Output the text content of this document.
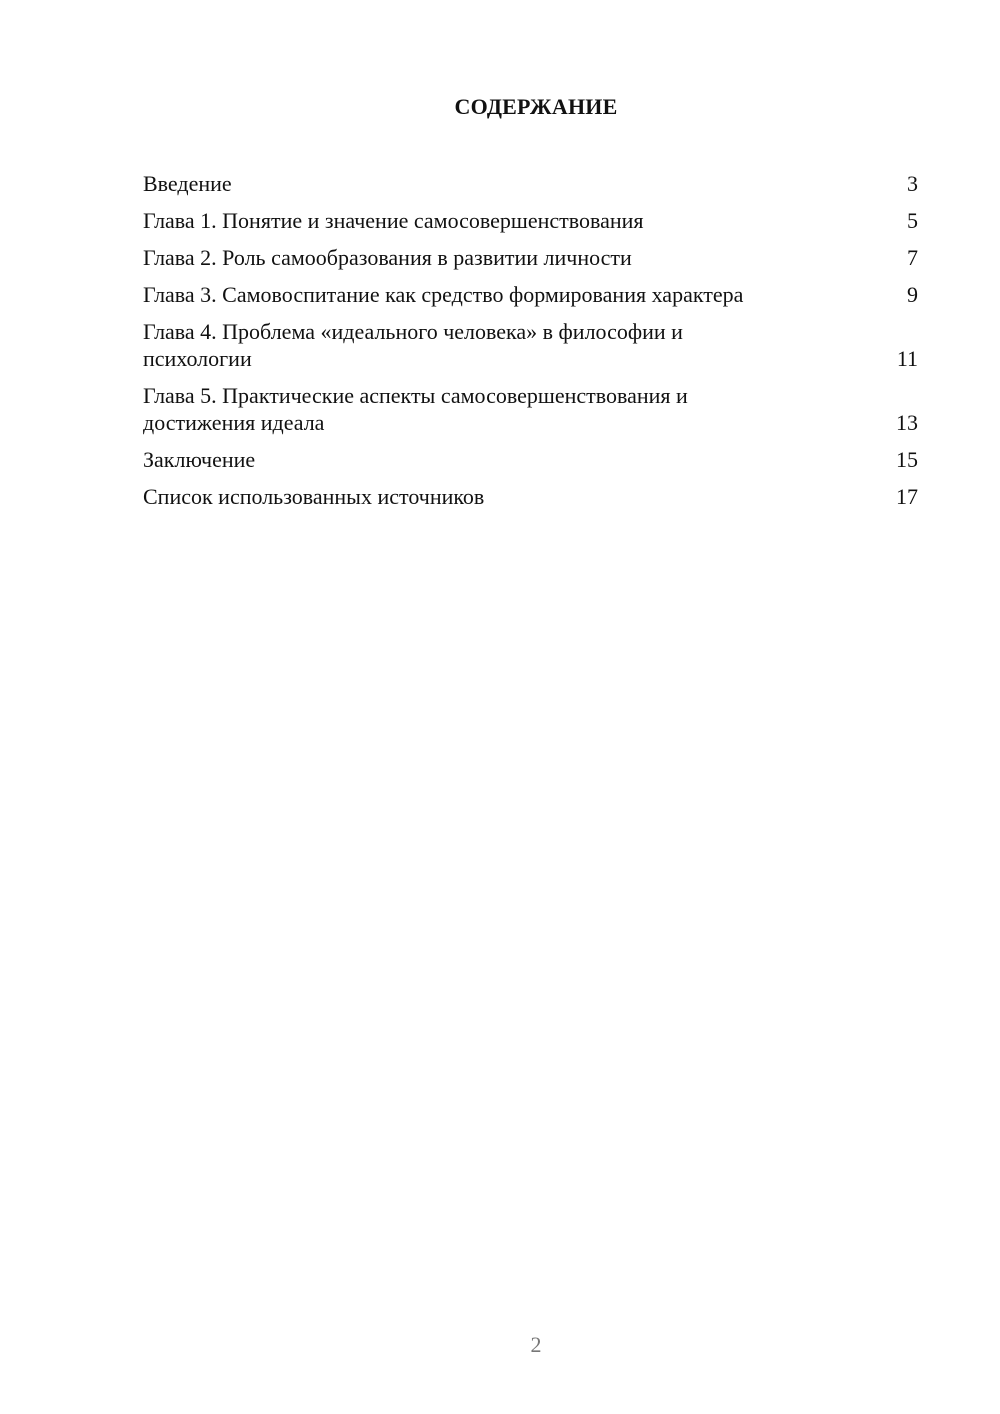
СОДЕРЖАНИЕ
Введение	3
Глава 1. Понятие и значение самосовершенствования	5
Глава 2. Роль самообразования в развитии личности	7
Глава 3. Самовоспитание как средство формирования характера	9
Глава 4. Проблема «идеального человека» в философии и психологии	11
Глава 5. Практические аспекты самосовершенствования и достижения идеала	13
Заключение	15
Список использованных источников	17
2
